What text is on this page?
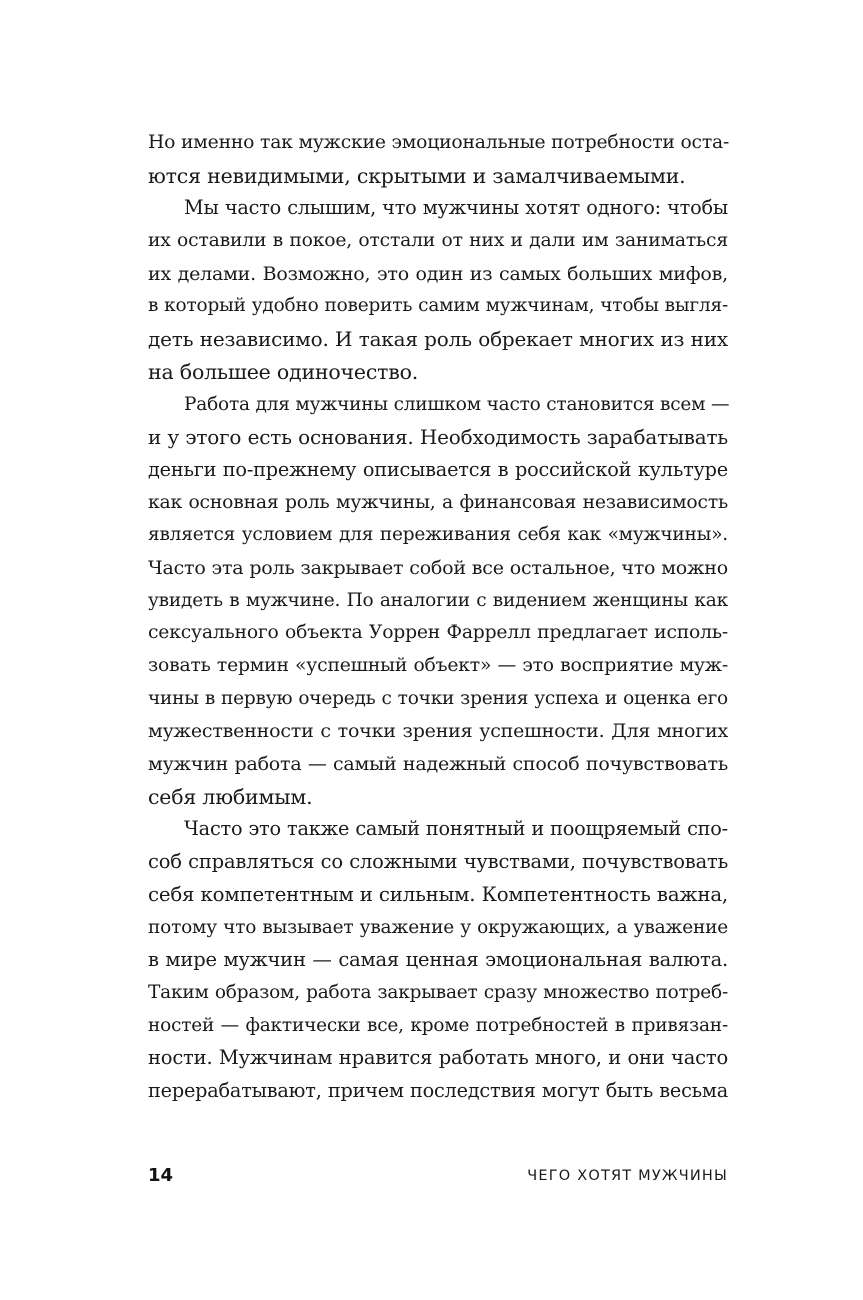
Но именно так мужские эмоциональные потребности оста-
ются невидимыми, скрытыми и замалчиваемыми.
Мы часто слышим, что мужчины хотят одного: чтобы
их оставили в покое, отстали от них и дали им заниматься
их делами. Возможно, это один из самых больших мифов,
в который удобно поверить самим мужчинам, чтобы выгля-
деть независимо. И такая роль обрекает многих из них
на большее одиночество.
Работа для мужчины слишком часто становится всем —
и у этого есть основания. Необходимость зарабатывать
деньги по-прежнему описывается в российской культуре
как основная роль мужчины, а финансовая независимость
является условием для переживания себя как «мужчины».
Часто эта роль закрывает собой все остальное, что можно
увидеть в мужчине. По аналогии с видением женщины как
сексуального объекта Уоррен Фаррелл предлагает исполь-
зовать термин «успешный объект» — это восприятие муж-
чины в первую очередь с точки зрения успеха и оценка его
мужественности с точки зрения успешности. Для многих
мужчин работа — самый надежный способ почувствовать
себя любимым.
Часто это также самый понятный и поощряемый спо-
соб справляться со сложными чувствами, почувствовать
себя компетентным и сильным. Компетентность важна,
потому что вызывает уважение у окружающих, а уважение
в мире мужчин — самая ценная эмоциональная валюта.
Таким образом, работа закрывает сразу множество потреб-
ностей — фактически все, кроме потребностей в привязан-
ности. Мужчинам нравится работать много, и они часто
перерабатывают, причем последствия могут быть весьма
14	ЧЕГО ХОТЯТ МУЖЧИНЫ
